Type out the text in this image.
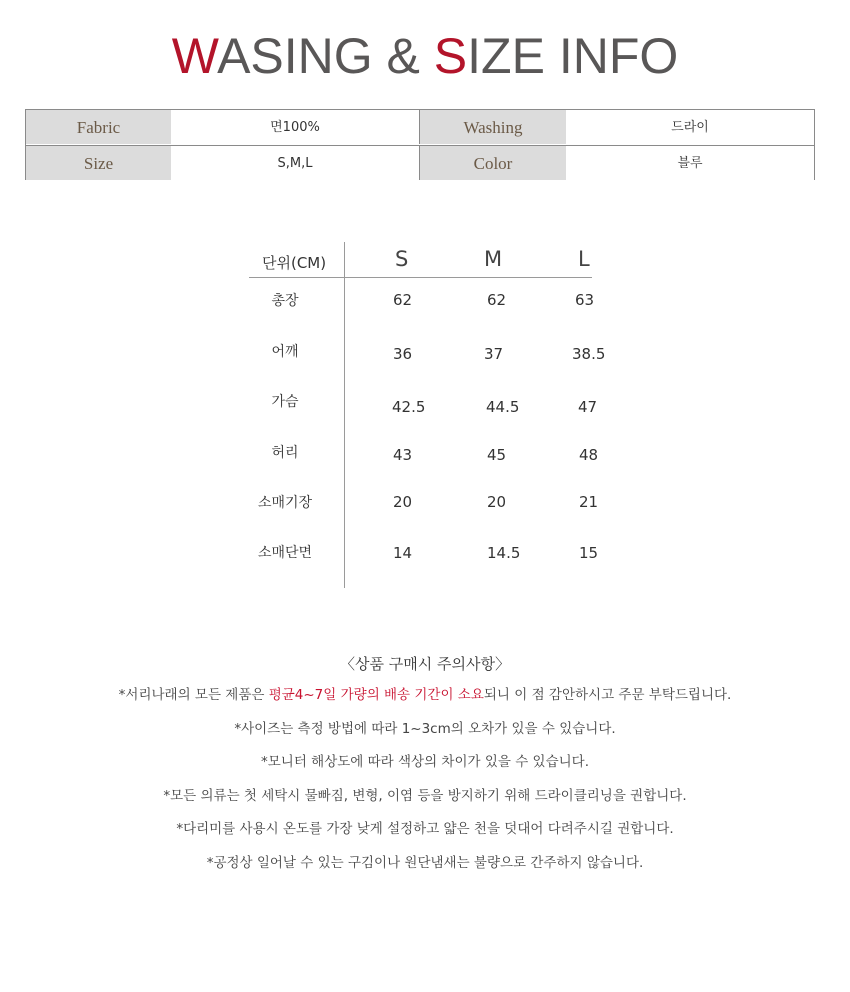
WASING & SIZE INFO
Fabric	면100%	Washing	드라이
Size	S,M,L	Color	블루
단위(CM)	S	M	L
총장	62	62	63
어깨	36	37	38.5
가슴	42.5	44.5	47
허리	43	45	48
소매기장	20	20	21
소매단면	14	14.5	15
〈상품 구매시 주의사항〉
*서리나래의 모든 제품은 평균4~7일 가량의 배송 기간이 소요되니 이 점 감안하시고 주문 부탁드립니다.
*사이즈는 측정 방법에 따라 1~3cm의 오차가 있을 수 있습니다.
*모니터 해상도에 따라 색상의 차이가 있을 수 있습니다.
*모든 의류는 첫 세탁시 물빠짐, 변형, 이염 등을 방지하기 위해 드라이클리닝을 권합니다.
*다리미를 사용시 온도를 가장 낮게 설정하고 얇은 천을 덧대어 다려주시길 권합니다.
*공정상 일어날 수 있는 구김이나 원단냄새는 불량으로 간주하지 않습니다.
